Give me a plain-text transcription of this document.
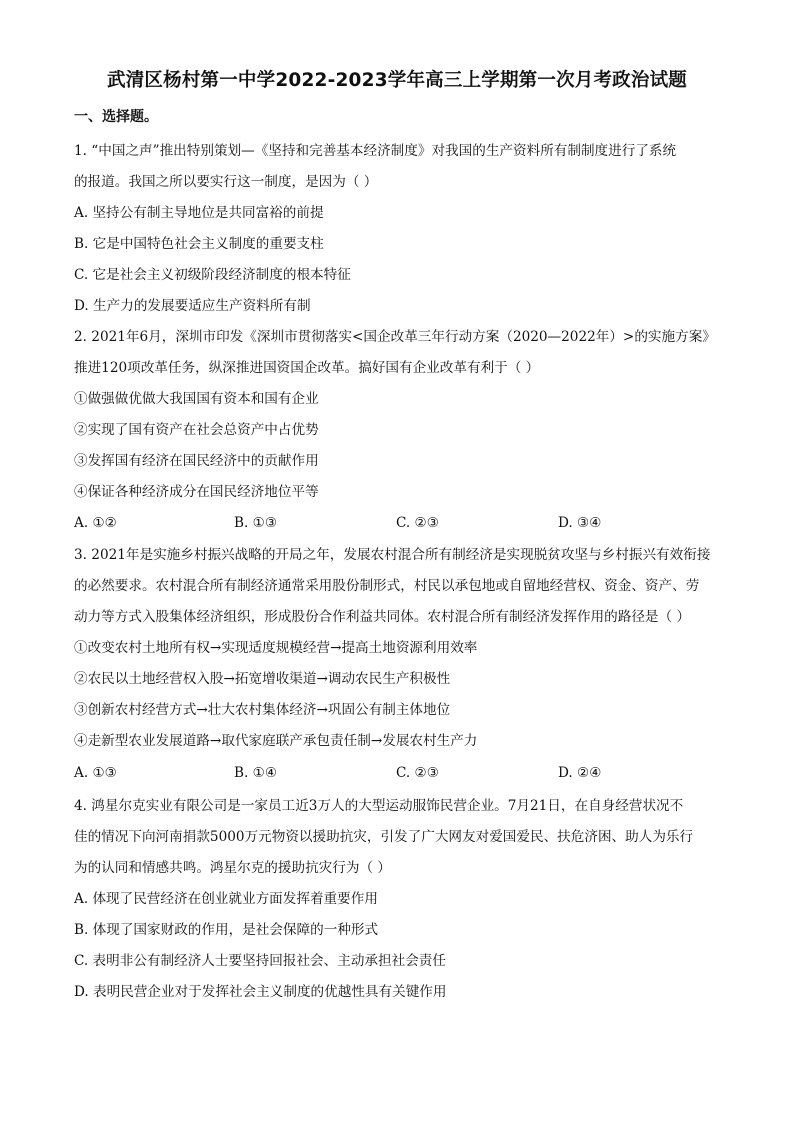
武清区杨村第一中学2022-2023学年高三上学期第一次月考政治试题
一、选择题。
1. “中国之声”推出特别策划—《坚持和完善基本经济制度》对我国的生产资料所有制制度进行了系统
的报道。我国之所以要实行这一制度，是因为（ ）
A. 坚持公有制主导地位是共同富裕的前提
B. 它是中国特色社会主义制度的重要支柱
C. 它是社会主义初级阶段经济制度的根本特征
D. 生产力的发展要适应生产资料所有制
2. 2021年6月，深圳市印发《深圳市贯彻落实<国企改革三年行动方案（2020—2022年）>的实施方案》
推进120项改革任务，纵深推进国资国企改革。搞好国有企业改革有利于（ ）
①做强做优做大我国国有资本和国有企业
②实现了国有资产在社会总资产中占优势
③发挥国有经济在国民经济中的贡献作用
④保证各种经济成分在国民经济地位平等
A. ①②	B. ①③	C. ②③	D. ③④
3. 2021年是实施乡村振兴战略的开局之年，发展农村混合所有制经济是实现脱贫攻坚与乡村振兴有效衔接
的必然要求。农村混合所有制经济通常采用股份制形式，村民以承包地或自留地经营权、资金、资产、劳
动力等方式入股集体经济组织，形成股份合作利益共同体。农村混合所有制经济发挥作用的路径是（ ）
①改变农村土地所有权→实现适度规模经营→提高土地资源利用效率
②农民以土地经营权入股→拓宽增收渠道→调动农民生产积极性
③创新农村经营方式→壮大农村集体经济→巩固公有制主体地位
④走新型农业发展道路→取代家庭联产承包责任制→发展农村生产力
A. ①③	B. ①④	C. ②③	D. ②④
4. 鸿星尔克实业有限公司是一家员工近3万人的大型运动服饰民营企业。7月21日，在自身经营状况不
佳的情况下向河南捐款5000万元物资以援助抗灾，引发了广大网友对爱国爱民、扶危济困、助人为乐行
为的认同和情感共鸣。鸿星尔克的援助抗灾行为（ ）
A. 体现了民营经济在创业就业方面发挥着重要作用
B. 体现了国家财政的作用，是社会保障的一种形式
C. 表明非公有制经济人士要坚持回报社会、主动承担社会责任
D. 表明民营企业对于发挥社会主义制度的优越性具有关键作用
